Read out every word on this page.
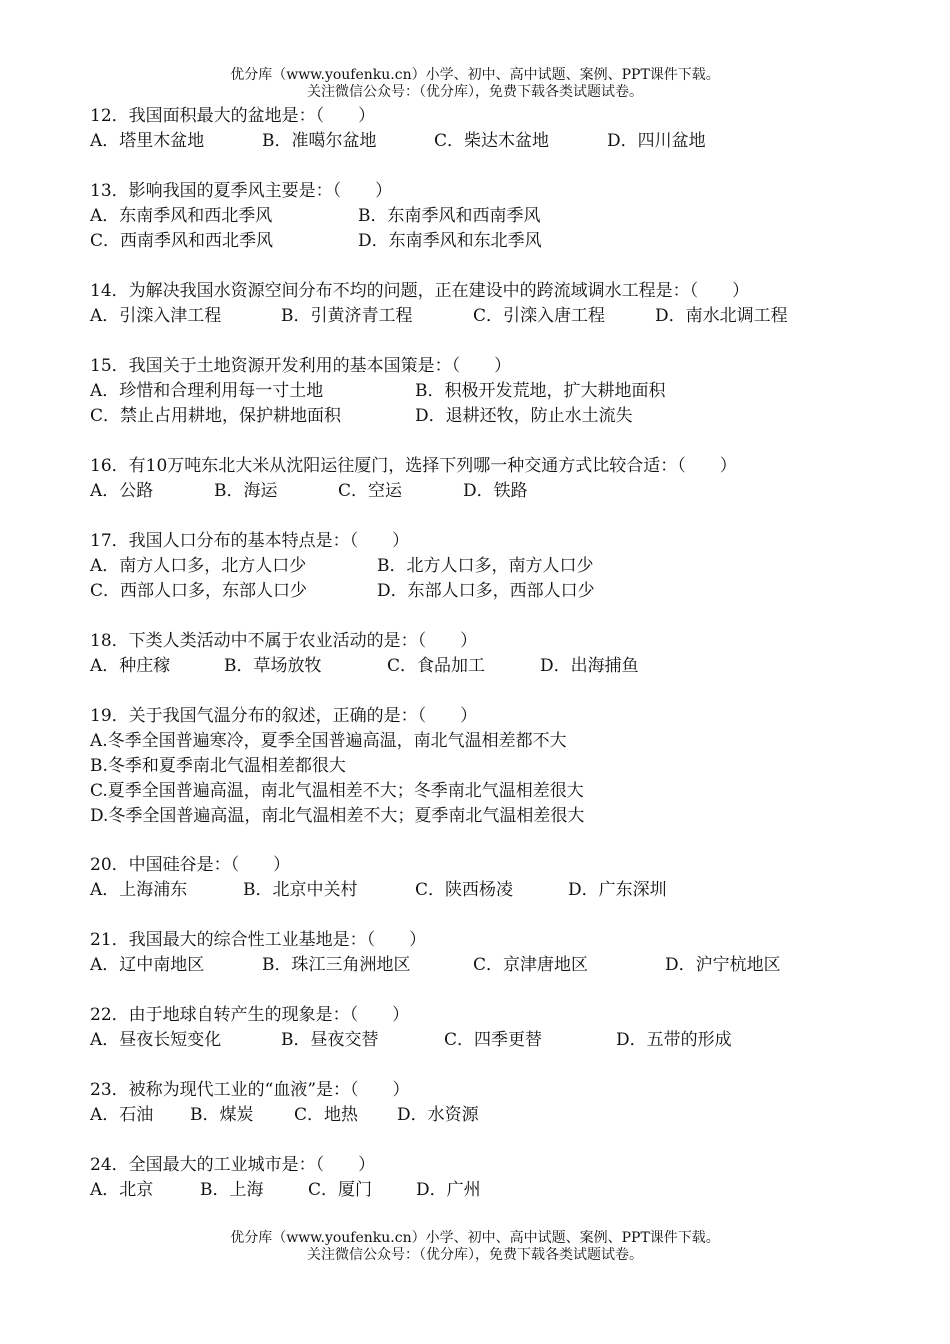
优分库（www.youfenku.cn）小学、初中、高中试题、案例、PPT课件下载。
关注微信公众号：（优分库），免费下载各类试题试卷。
12．我国面积最大的盆地是：（　　）
A．塔里木盆地	B．准噶尔盆地	C．柴达木盆地	D．四川盆地
13．影响我国的夏季风主要是：（　　）
A．东南季风和西北季风	B．东南季风和西南季风
C．西南季风和西北季风	D．东南季风和东北季风
14．为解决我国水资源空间分布不均的问题，正在建设中的跨流域调水工程是：（　　）
A．引滦入津工程	B．引黄济青工程	C．引滦入唐工程	D．南水北调工程
15．我国关于土地资源开发利用的基本国策是：（　　）
A．珍惜和合理利用每一寸土地	B．积极开发荒地，扩大耕地面积
C．禁止占用耕地，保护耕地面积	D．退耕还牧，防止水土流失
16．有10万吨东北大米从沈阳运往厦门，选择下列哪一种交通方式比较合适：（　　）
A．公路	B．海运	C．空运	D．铁路
17．我国人口分布的基本特点是：（　　）
A．南方人口多，北方人口少	B．北方人口多，南方人口少
C．西部人口多，东部人口少	D．东部人口多，西部人口少
18．下类人类活动中不属于农业活动的是：（　　）
A．种庄稼	B．草场放牧	C．食品加工	D．出海捕鱼
19．关于我国气温分布的叙述，正确的是：（　　）
A.冬季全国普遍寒冷，夏季全国普遍高温，南北气温相差都不大
B.冬季和夏季南北气温相差都很大
C.夏季全国普遍高温，南北气温相差不大；冬季南北气温相差很大
D.冬季全国普遍高温，南北气温相差不大；夏季南北气温相差很大
20．中国硅谷是：（　　）
A．上海浦东	B．北京中关村	C．陕西杨凌	D．广东深圳
21．我国最大的综合性工业基地是：（　　）
A．辽中南地区	B．珠江三角洲地区	C．京津唐地区	D．沪宁杭地区
22．由于地球自转产生的现象是：（　　）
A．昼夜长短变化	B．昼夜交替	C．四季更替	D．五带的形成
23．被称为现代工业的“血液”是：（　　）
A．石油 B．煤炭 C．地热 D．水资源
24．全国最大的工业城市是：（　　）
A．北京	B．上海	C．厦门	D．广州
优分库（www.youfenku.cn）小学、初中、高中试题、案例、PPT课件下载。
关注微信公众号：（优分库），免费下载各类试题试卷。
